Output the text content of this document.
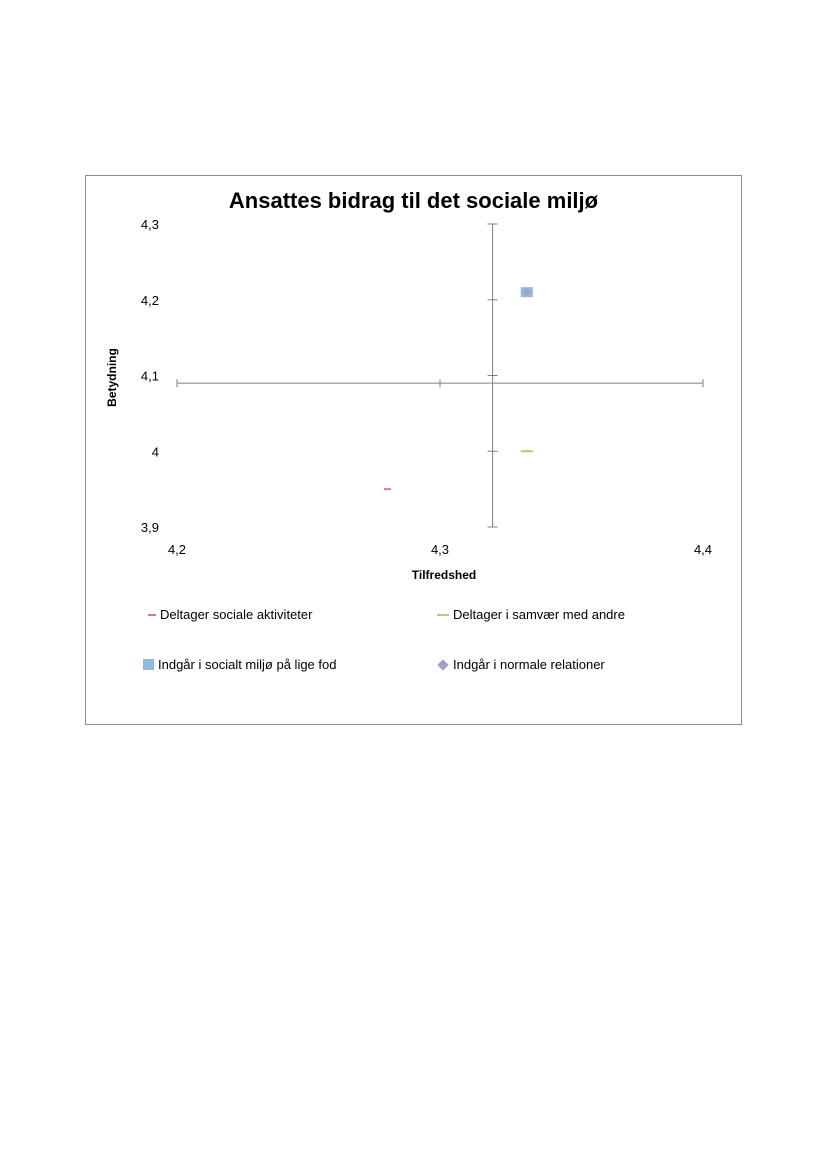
Ansattes bidrag til det sociale miljø
4,2	4,3	4,4
4,3
4,2
4,1
4
3,9
Tilfredshed
Betydning
Deltager sociale aktiviteter	Deltager i samvær med andre
Indgår i socialt miljø på lige fod	Indgår i normale relationer
